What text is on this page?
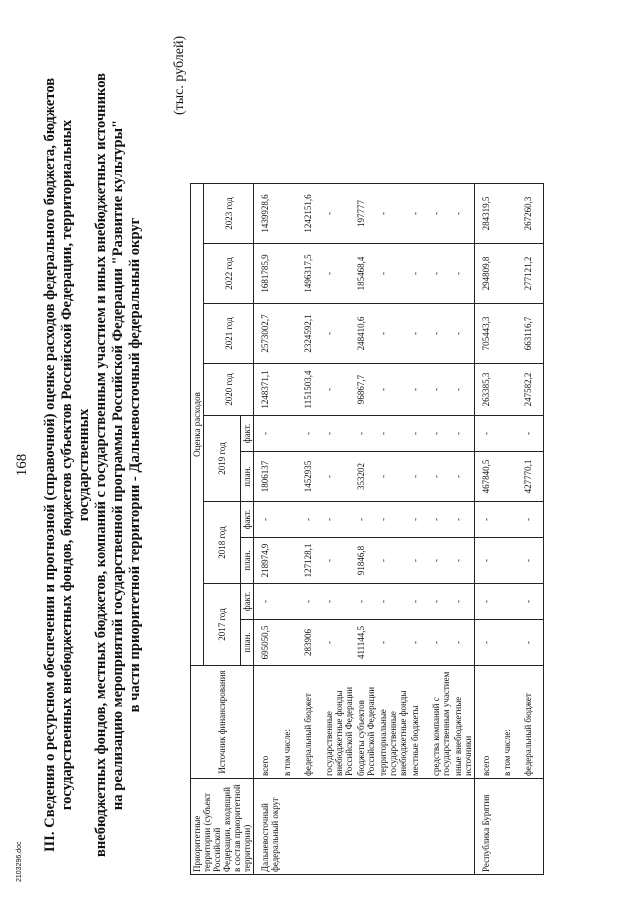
168 III. Сведения о ресурсном обеспечении и прогнозной (справочной) оценке расходов федерального бюджета, бюджетов
государственных внебюджетных фондов, бюджетов субъектов Российской Федерации, территориальных государственных
внебюджетных фондов, местных бюджетов, компаний с государственным участием и иных внебюджетных источников
на реализацию мероприятий государственной программы Российской Федерации "Развитие культуры"
в части приоритетной территории - Дальневосточный федеральный округ
(тыс. рублей)
Приоритетные территории (субъект Российской Федерации, входящий в состав приоритетной территории)	Источник финансирования	Оценка расходов									
		2017 год		2018 год		2019 год		2020 год	2021 год	2022 год	2023 год
		план.	факт.	план.	факт.	план.	факт.				
Дальневосточный федеральный округ	всего	695050,5	-	218974,9	-	1806137	-	1248371,1	2573002,7	1681785,9	1439928,6
	в том числе:										
	федеральный бюджет	283906	-	127128,1	-	1452935	-	1151503,4	2324592,1	1496317,5	1242151,6
	государственные внебюджетные фонды Российской Федерации	-	-	-	-	-	-	-	-	-	-
	бюджеты субъектов Российской Федерации	411144,5	-	91846,8	-	353202	-	96867,7	248410,6	185468,4	197777
	территориальные государственные внебюджетные фонды	-	-	-	-	-	-	-	-	-	-
	местные бюджеты	-	-	-	-	-	-	-	-	-	-
	средства компаний с государственным участием	-	-	-	-	-	-	-	-	-	-
	иные внебюджетные источники	-	-	-	-	-	-	-	-	-	-
Республика Бурятия	всего	-	-	-	-	467840,5	-	263385,3	705443,3	294809,8	284319,5
	в том числе:										
	федеральный бюджет	-	-	-	-	427770,1	-	247582,2	663116,7	277121,2	267260,3
2103296.doc
